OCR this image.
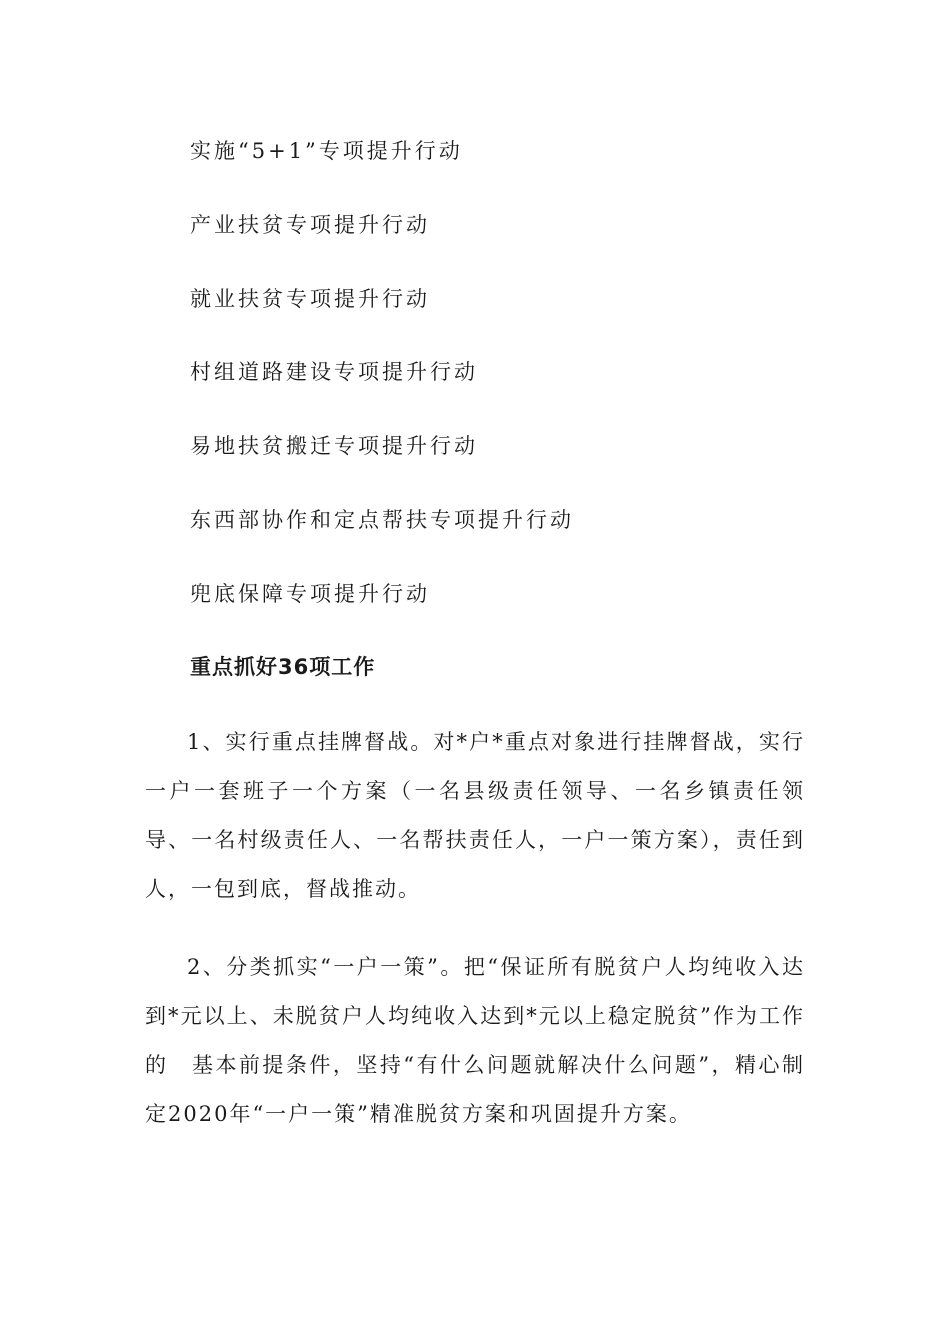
实施“5+1”专项提升行动
产业扶贫专项提升行动
就业扶贫专项提升行动
村组道路建设专项提升行动
易地扶贫搬迁专项提升行动
东西部协作和定点帮扶专项提升行动
兜底保障专项提升行动
重点抓好36项工作
1、实行重点挂牌督战。对*户*重点对象进行挂牌督战，实行一户一套班子一个方案（一名县级责任领导、一名乡镇责任领导、一名村级责任人、一名帮扶责任人，一户一策方案），责任到人，一包到底，督战推动。
2、分类抓实“一户一策”。把“保证所有脱贫户人均纯收入达到*元以上、未脱贫户人均纯收入达到*元以上稳定脱贫”作为工作的　基本前提条件，坚持“有什么问题就解决什么问题”，精心制定2020年“一户一策”精准脱贫方案和巩固提升方案。
